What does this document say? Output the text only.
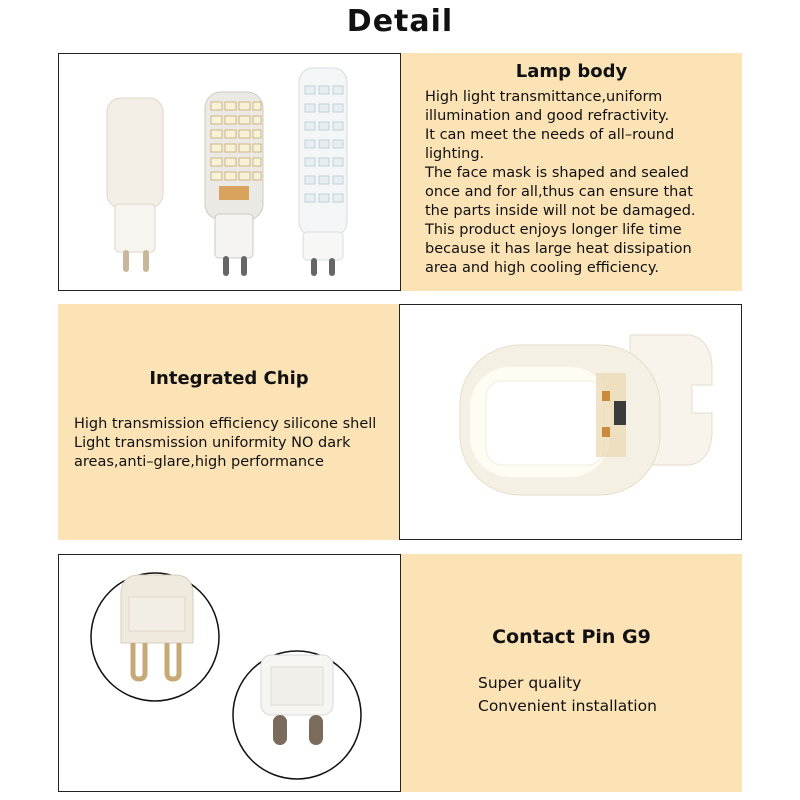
Detail
Lamp body
High light transmittance,uniform
illumination and good refractivity.
It can meet the needs of all–round
lighting.
The face mask is shaped and sealed
once and for all,thus can ensure that
the parts inside will not be damaged.
This product enjoys longer life time
because it has large heat dissipation
area and high cooling efficiency.
Integrated Chip
High transmission efficiency silicone shell
Light transmission uniformity NO dark
areas,anti–glare,high performance
Contact Pin G9
Super quality
Convenient installation
